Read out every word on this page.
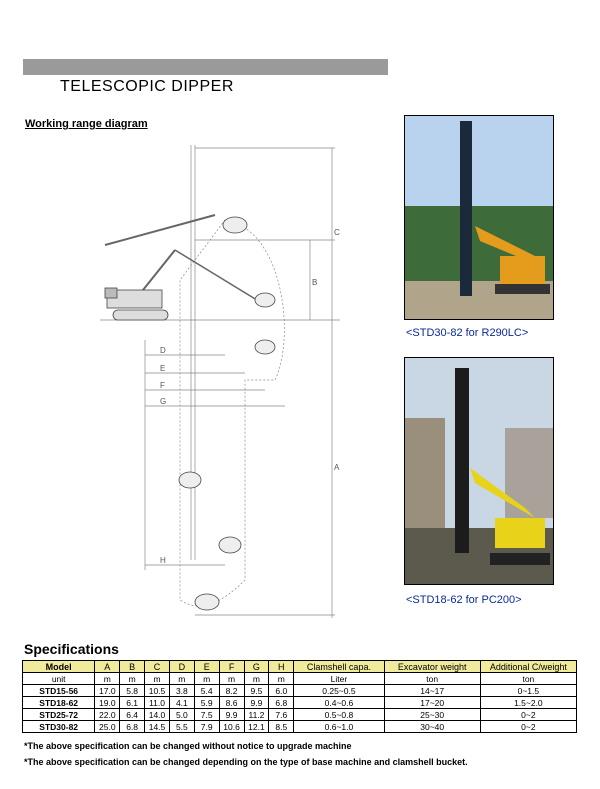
TELESCOPIC DIPPER
Working range diagram
C
B
A
D
E
F
G
H
<STD30-82 for R290LC>
<STD18-62 for PC200>
Specifications
Model	A	B	C	D	E	F	G	H	Clamshell capa.	Excavator weight	Additional C/weight
unit	m	m	m	m	m	m	m	m	Liter	ton	ton
STD15-56	17.0	5.8	10.5	3.8	5.4	8.2	9.5	6.0	0.25~0.5	14~17	0~1.5
STD18-62	19.0	6.1	11.0	4.1	5.9	8.6	9.9	6.8	0.4~0.6	17~20	1.5~2.0
STD25-72	22.0	6.4	14.0	5.0	7.5	9.9	11.2	7.6	0.5~0.8	25~30	0~2
STD30-82	25.0	6.8	14.5	5.5	7.9	10.6	12.1	8.5	0.6~1.0	30~40	0~2
*The above specification can be changed without notice to upgrade machine
*The above specification can be changed depending on the type of base machine and clamshell bucket.
